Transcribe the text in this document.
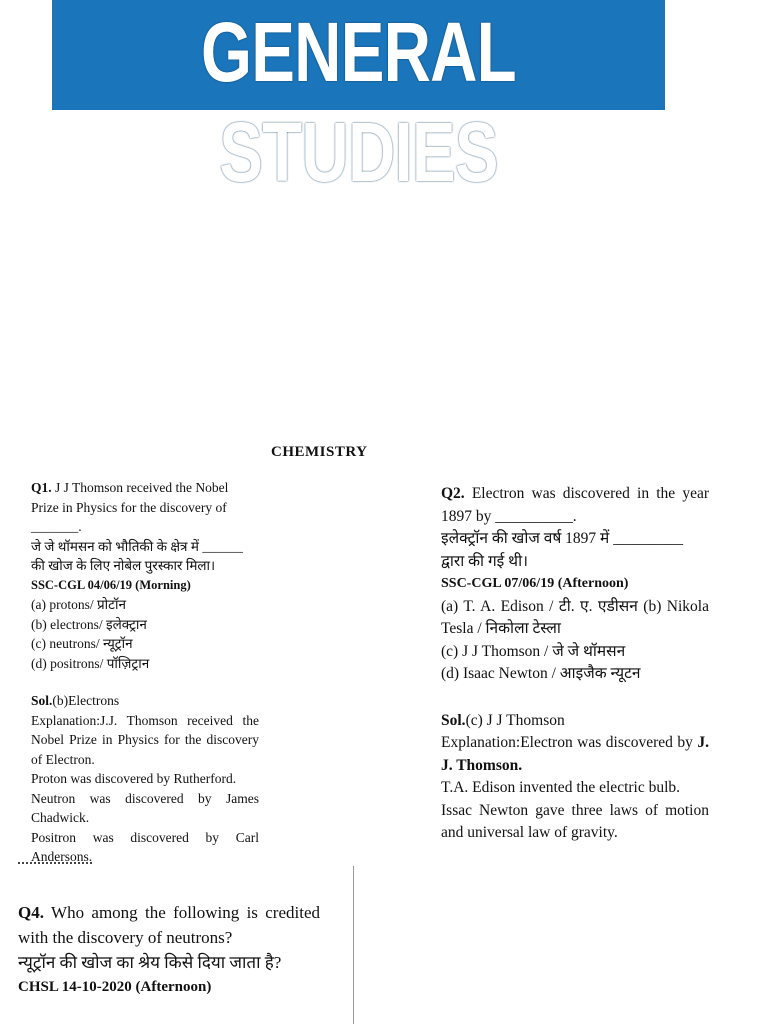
GENERAL STUDIES
CHEMISTRY

Q1. J J Thomson received the Nobel Prize in Physics for the discovery of _______.

जे जे थॉमसन को भौतिकी के क्षेत्र में ______ की खोज के लिए नोबेल पुरस्कार मिला।

SSC-CGL 04/06/19 (Morning)

(a) protons/ प्रोटॉन

(b) electrons/ इलेक्ट्रान

(c) neutrons/ न्यूट्रॉन

(d) positrons/ पॉज़िट्रान

Sol.(b)Electrons

Explanation:J.J. Thomson received the Nobel Prize in Physics for the discovery of Electron.

Proton was discovered by Rutherford.

Neutron was discovered by James Chadwick.

Positron was discovered by Carl Andersons.

Q2. Electron was discovered in the year 1897 by __________.

इलेक्ट्रॉन की खोज वर्ष 1897 में _________ द्वारा की गई थी।

SSC-CGL 07/06/19 (Afternoon)

(a) T. A. Edison / टी. ए. एडीसन (b) Nikola Tesla / निकोला टेस्ला

(c) J J Thomson / जे जे थॉमसन

(d) Isaac Newton / आइजैक न्यूटन

Sol.(c) J J Thomson

Explanation:Electron was discovered by J. J. Thomson.

T.A. Edison invented the electric bulb.

Issac Newton gave three laws of motion and universal law of gravity.

Q4. Who among the following is credited with the discovery of neutrons?

न्यूट्रॉन की खोज का श्रेय किसे दिया जाता है?

CHSL 14-10-2020 (Afternoon)
